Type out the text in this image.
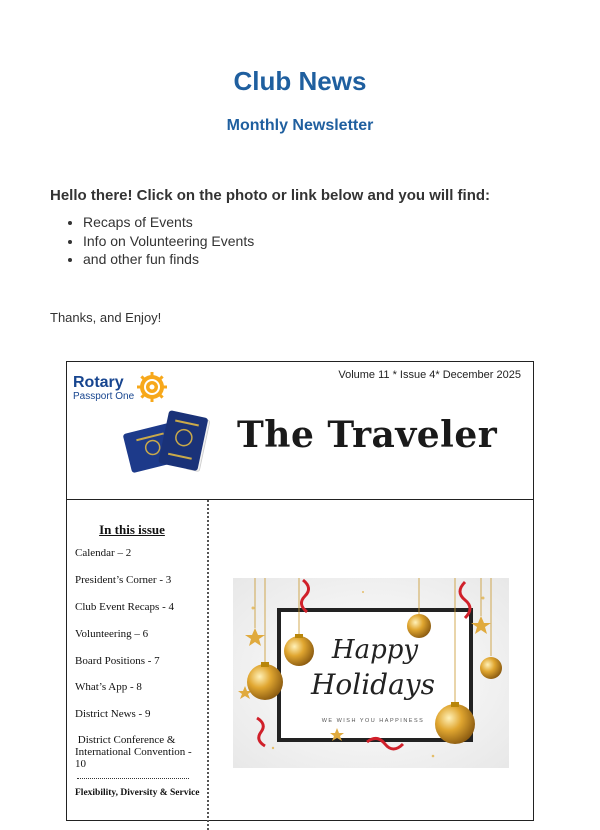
Club News
Monthly Newsletter
Hello there! Click on the photo or link below and you will find:
• Recaps of Events
• Info on Volunteering Events
• and other fun finds
Thanks, and Enjoy!
Rotary
Passport One
Volume 11 * Issue 4* December 2025
The Traveler
In this issue
Calendar – 2
President’s Corner - 3
Club Event Recaps - 4
Volunteering – 6
Board Positions - 7
What’s App - 8
District News - 9
District Conference & International Convention - 10
Flexibility, Diversity & Service
Happy
Holidays
WE WISH YOU HAPPINESS
